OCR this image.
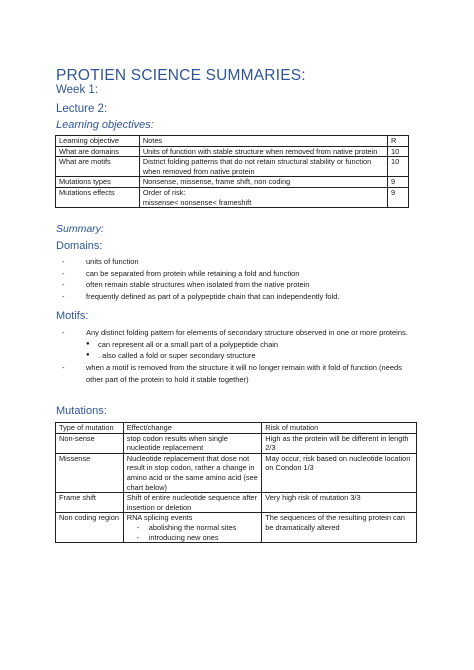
PROTIEN SCIENCE SUMMARIES:
Week 1:
Lecture 2:
Learning objectives:
Learning objective	Notes	R
What are domains	Units of function with stable structure when removed from native protein	10
What are motifs	District folding patterns that do not retain structural stability or function when removed from native protein	10
Mutations types	Nonsense, missense, frame shift, non coding	9
Mutations effects	Order of risk:
missense< nonsense< frameshift	9
Summary:
Domains:
-	units of function
-	can be separated from protein while retaining a fold and function
-	often remain stable structures when isolated from the native protein
-	frequently defined as part of a polypeptide chain that can independently fold.
Motifs:
-	Any distinct folding pattern for elements of secondary structure observed in one or more proteins.
●	can represent all or a small part of a polypeptide chain
●	. also called a fold or super secondary structure
-	when a motif is removed from the structure it will no longer remain with it fold of function (needs other part of the protein to hold it stable together)
Mutations:
Type of mutation	Effect/change	Risk of mutation
Non-sense	stop codon results when single nucleotide replacement	High as the protein will be different in length 2/3
Missense	Nucleotide replacement that dose not result in stop codon, rather a change in amino acid or the same amino acid (see chart below)	May occur, risk based on nucleotide location on Condon 1/3
Frame shift	Shift of entire nucleotide sequence after insertion or deletion	Very high risk of mutation 3/3
Non coding region	RNA splicing events
- abolishing the normal sites
- introducing new ones	The sequences of the resulting protein can be dramatically altered
